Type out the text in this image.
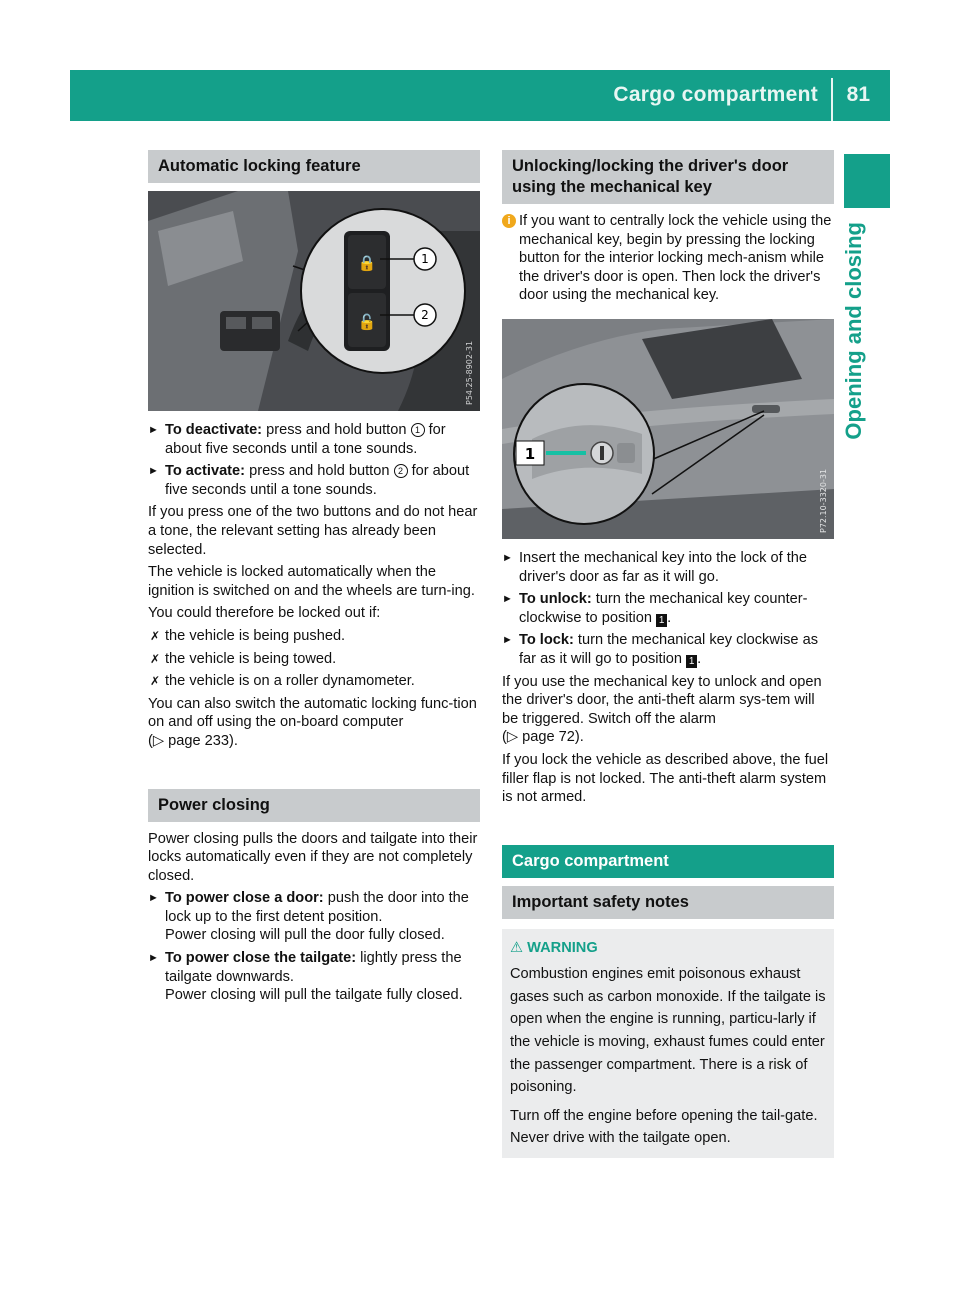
Cargo compartment 81
Opening and closing
Automatic locking feature
🔒
🔓
1
2
P54.25-8902-31
► To deactivate: press and hold button 1 for about five seconds until a tone sounds.
► To activate: press and hold button 2 for about five seconds until a tone sounds.

If you press one of the two buttons and do not hear a tone, the relevant setting has already been selected.

The vehicle is locked automatically when the ignition is switched on and the wheels are turn-ing.

You could therefore be locked out if:

✗ the vehicle is being pushed.
✗ the vehicle is being towed.
✗ the vehicle is on a roller dynamometer.

You can also switch the automatic locking func-tion on and off using the on-board computer

(▷ page 233).

Power closing

Power closing pulls the doors and tailgate into their locks automatically even if they are not completely closed.

► To power close a door: push the door into the lock up to the first detent position.
Power closing will pull the door fully closed.
► To power close the tailgate: lightly press the tailgate downwards.
Power closing will pull the tailgate fully closed.
Unlocking/locking the driver's door using the mechanical key
i If you want to centrally lock the vehicle using the mechanical key, begin by pressing the locking button for the interior locking mech-anism while the driver's door is open. Then lock the driver's door using the mechanical key.
1
P72.10-3320-31
► Insert the mechanical key into the lock of the driver's door as far as it will go.
► To unlock: turn the mechanical key counter-clockwise to position 1 .
► To lock: turn the mechanical key clockwise as far as it will go to position 1 .

If you use the mechanical key to unlock and open the driver's door, the anti-theft alarm sys-tem will be triggered. Switch off the alarm

(▷ page 72).

If you lock the vehicle as described above, the fuel filler flap is not locked. The anti-theft alarm system is not armed.

Cargo compartment
Important safety notes
⚠ WARNING

Combustion engines emit poisonous exhaust gases such as carbon monoxide. If the tailgate is open when the engine is running, particu-larly if the vehicle is moving, exhaust fumes could enter the passenger compartment. There is a risk of poisoning.

Turn off the engine before opening the tail-gate. Never drive with the tailgate open.
